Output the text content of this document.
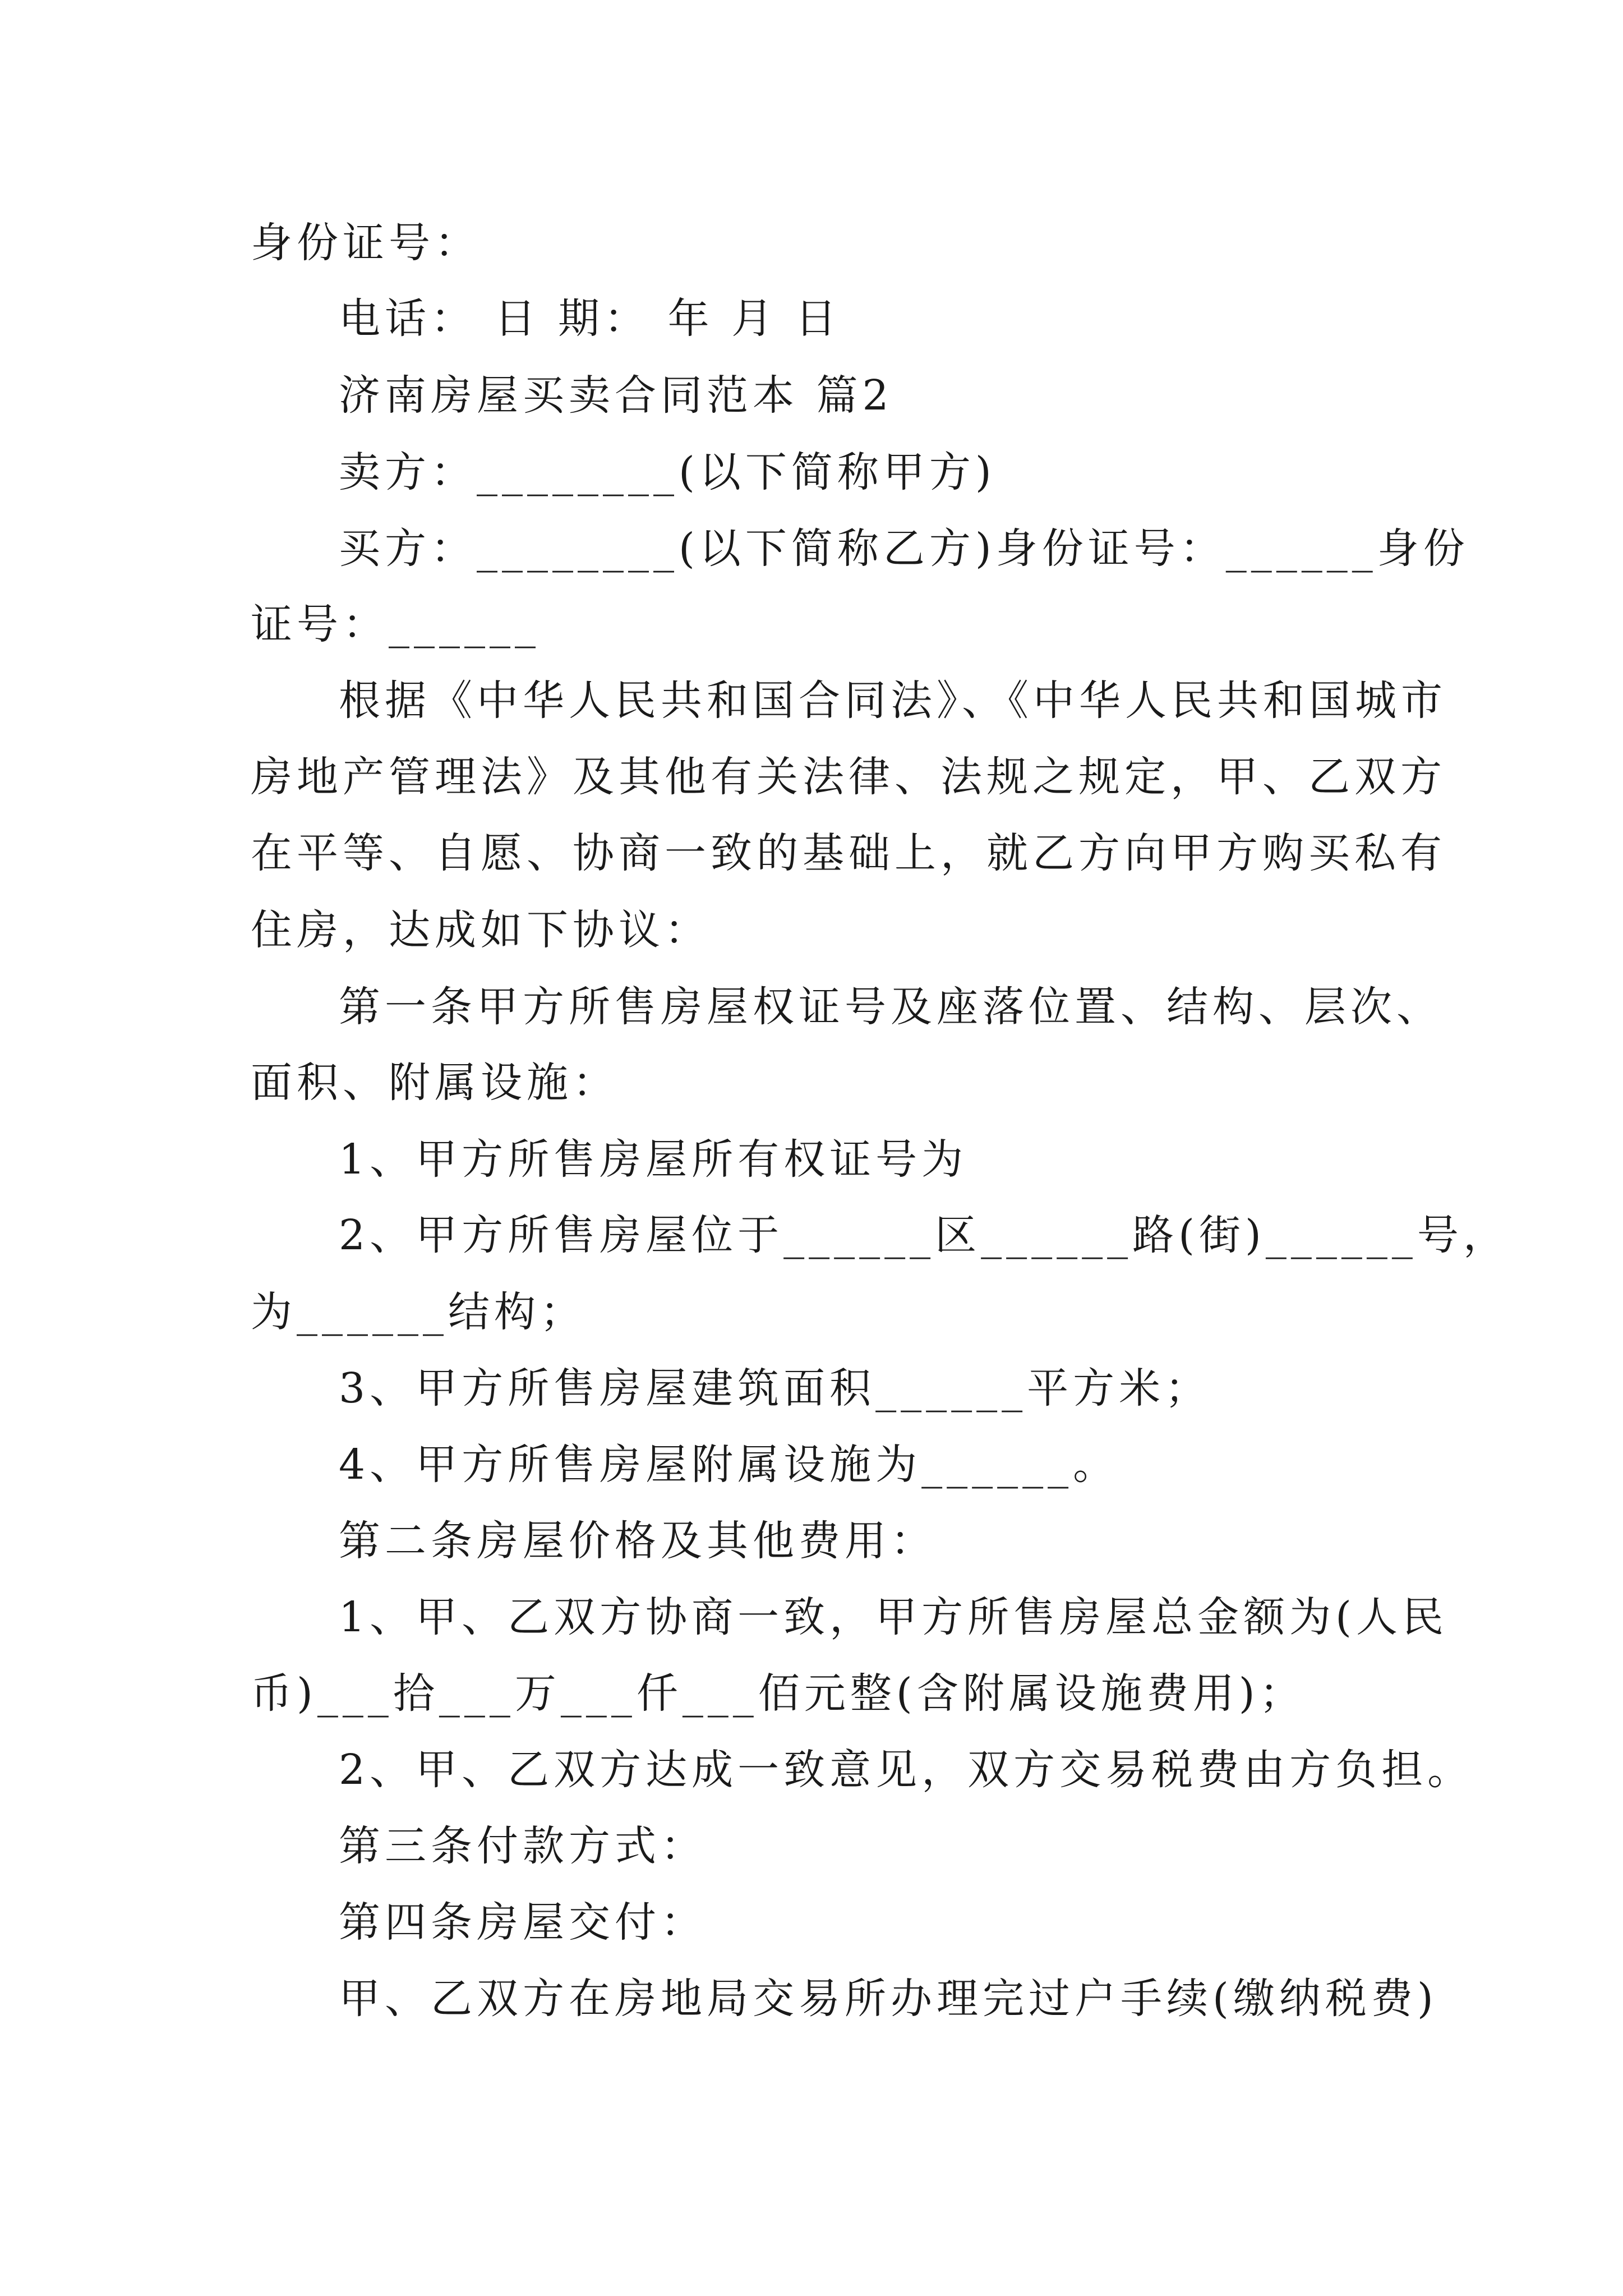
身份证号：
电话： 日 期： 年 月 日
济南房屋买卖合同范本 篇2
卖方：________(以下简称甲方)
买方：________(以下简称乙方)身份证号：______身份
证号：______
根据《中华人民共和国合同法》、《中华人民共和国城市
房地产管理法》及其他有关法律、法规之规定，甲、乙双方
在平等、自愿、协商一致的基础上，就乙方向甲方购买私有
住房，达成如下协议：
第一条甲方所售房屋权证号及座落位置、结构、层次、
面积、附属设施：
1、甲方所售房屋所有权证号为
2、甲方所售房屋位于______区______路(街)______号，
为______结构；
3、甲方所售房屋建筑面积______平方米；
4、甲方所售房屋附属设施为______。
第二条房屋价格及其他费用：
1、甲、乙双方协商一致，甲方所售房屋总金额为(人民
币)___拾___万___仟___佰元整(含附属设施费用)；
2、甲、乙双方达成一致意见，双方交易税费由方负担。
第三条付款方式：
第四条房屋交付：
甲、乙双方在房地局交易所办理完过户手续(缴纳税费)
